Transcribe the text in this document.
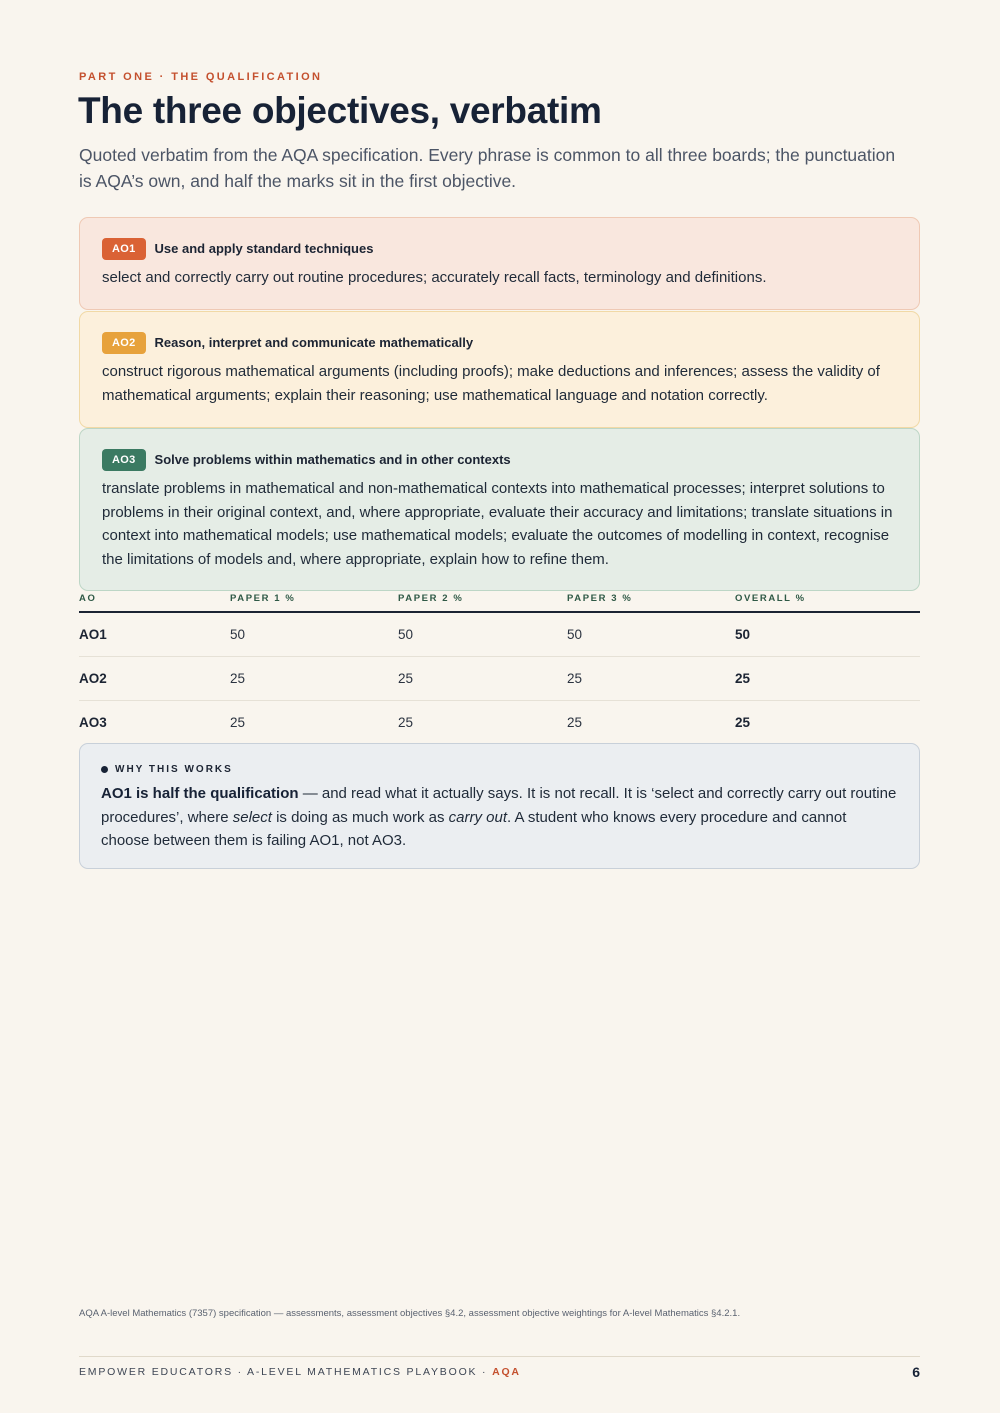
PART ONE · THE QUALIFICATION
The three objectives, verbatim

Quoted verbatim from the AQA specification. Every phrase is common to all three boards; the punctuation is AQA’s own, and half the marks sit in the first objective.

AO1	Use and apply standard techniques

select and correctly carry out routine procedures; accurately recall facts, terminology and definitions.

AO2	Reason, interpret and communicate mathematically

construct rigorous mathematical arguments (including proofs); make deductions and inferences; assess the validity of mathematical arguments; explain their reasoning; use mathematical language and notation correctly.

AO3	Solve problems within mathematics and in other contexts

translate problems in mathematical and non-mathematical contexts into mathematical processes; interpret solutions to problems in their original context, and, where appropriate, evaluate their accuracy and limitations; translate situations in context into mathematical models; use mathematical models; evaluate the outcomes of modelling in context, recognise the limitations of models and, where appropriate, explain how to refine them.

AO	PAPER 1 %	PAPER 2 %	PAPER 3 %	OVERALL %
AO1	50	50	50	50
AO2	25	25	25	25
AO3	25	25	25	25
WHY THIS WORKS

AO1 is half the qualification — and read what it actually says. It is not recall. It is ‘select and correctly carry out routine procedures’, where select is doing as much work as carry out. A student who knows every procedure and cannot choose between them is failing AO1, not AO3.

AQA A-level Mathematics (7357) specification — assessments, assessment objectives §4.2, assessment objective weightings for A-level Mathematics §4.2.1.
EMPOWER EDUCATORS · A-LEVEL MATHEMATICS PLAYBOOK · AQA	6
